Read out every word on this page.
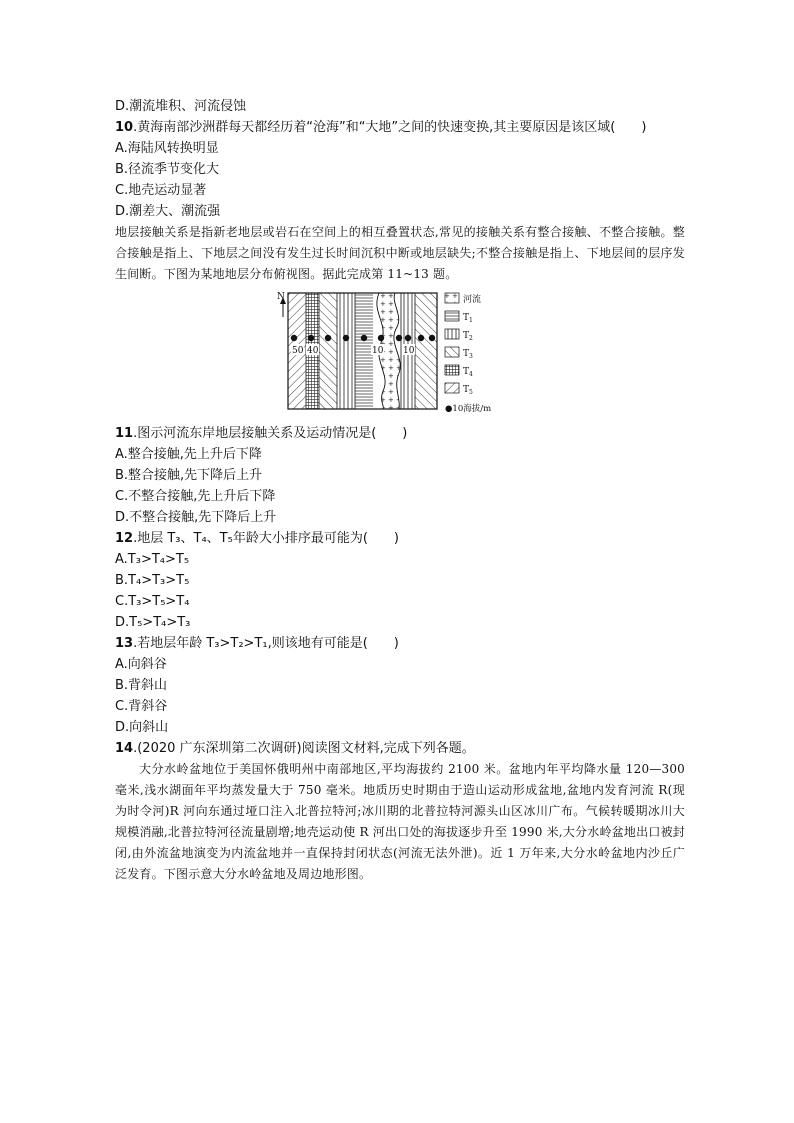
D.潮流堆积、河流侵蚀
10.黄海南部沙洲群每天都经历着“沧海”和“大地”之间的快速变换,其主要原因是该区域(　　)
A.海陆风转换明显
B.径流季节变化大
C.地壳运动显著
D.潮差大、潮流强
地层接触关系是指新老地层或岩石在空间上的相互叠置状态,常见的接触关系有整合接触、不整合接触。整合接触是指上、下地层之间没有发生过长时间沉积中断或地层缺失;不整合接触是指上、下地层间的层序发生间断。下图为某地地层分布俯视图。据此完成第 11~13 题。
N
50 40	10 10
河流
$T_1$
$T_2$
$T_3$
$T_4$
$T_5$
●10海拔/m
11.图示河流东岸地层接触关系及运动情况是(　　)
A.整合接触,先上升后下降
B.整合接触,先下降后上升
C.不整合接触,先上升后下降
D.不整合接触,先下降后上升
12.地层 T₃、T₄、T₅年龄大小排序最可能为(　　)
A.T₃>T₄>T₅
B.T₄>T₃>T₅
C.T₃>T₅>T₄
D.T₅>T₄>T₃
13.若地层年龄 T₃>T₂>T₁,则该地有可能是(　　)
A.向斜谷
B.背斜山
C.背斜谷
D.向斜山
14.(2020 广东深圳第二次调研)阅读图文材料,完成下列各题。
大分水岭盆地位于美国怀俄明州中南部地区,平均海拔约 2100 米。盆地内年平均降水量 120—300 毫米,浅水湖面年平均蒸发量大于 750 毫米。地质历史时期由于造山运动形成盆地,盆地内发育河流 R(现为时令河)R 河向东通过垭口注入北普拉特河;冰川期的北普拉特河源头山区冰川广布。气候转暖期冰川大规模消融,北普拉特河径流量剧增;地壳运动使 R 河出口处的海拔逐步升至 1990 米,大分水岭盆地出口被封闭,由外流盆地演变为内流盆地并一直保持封闭状态(河流无法外泄)。近 1 万年来,大分水岭盆地内沙丘广泛发育。下图示意大分水岭盆地及周边地形图。
